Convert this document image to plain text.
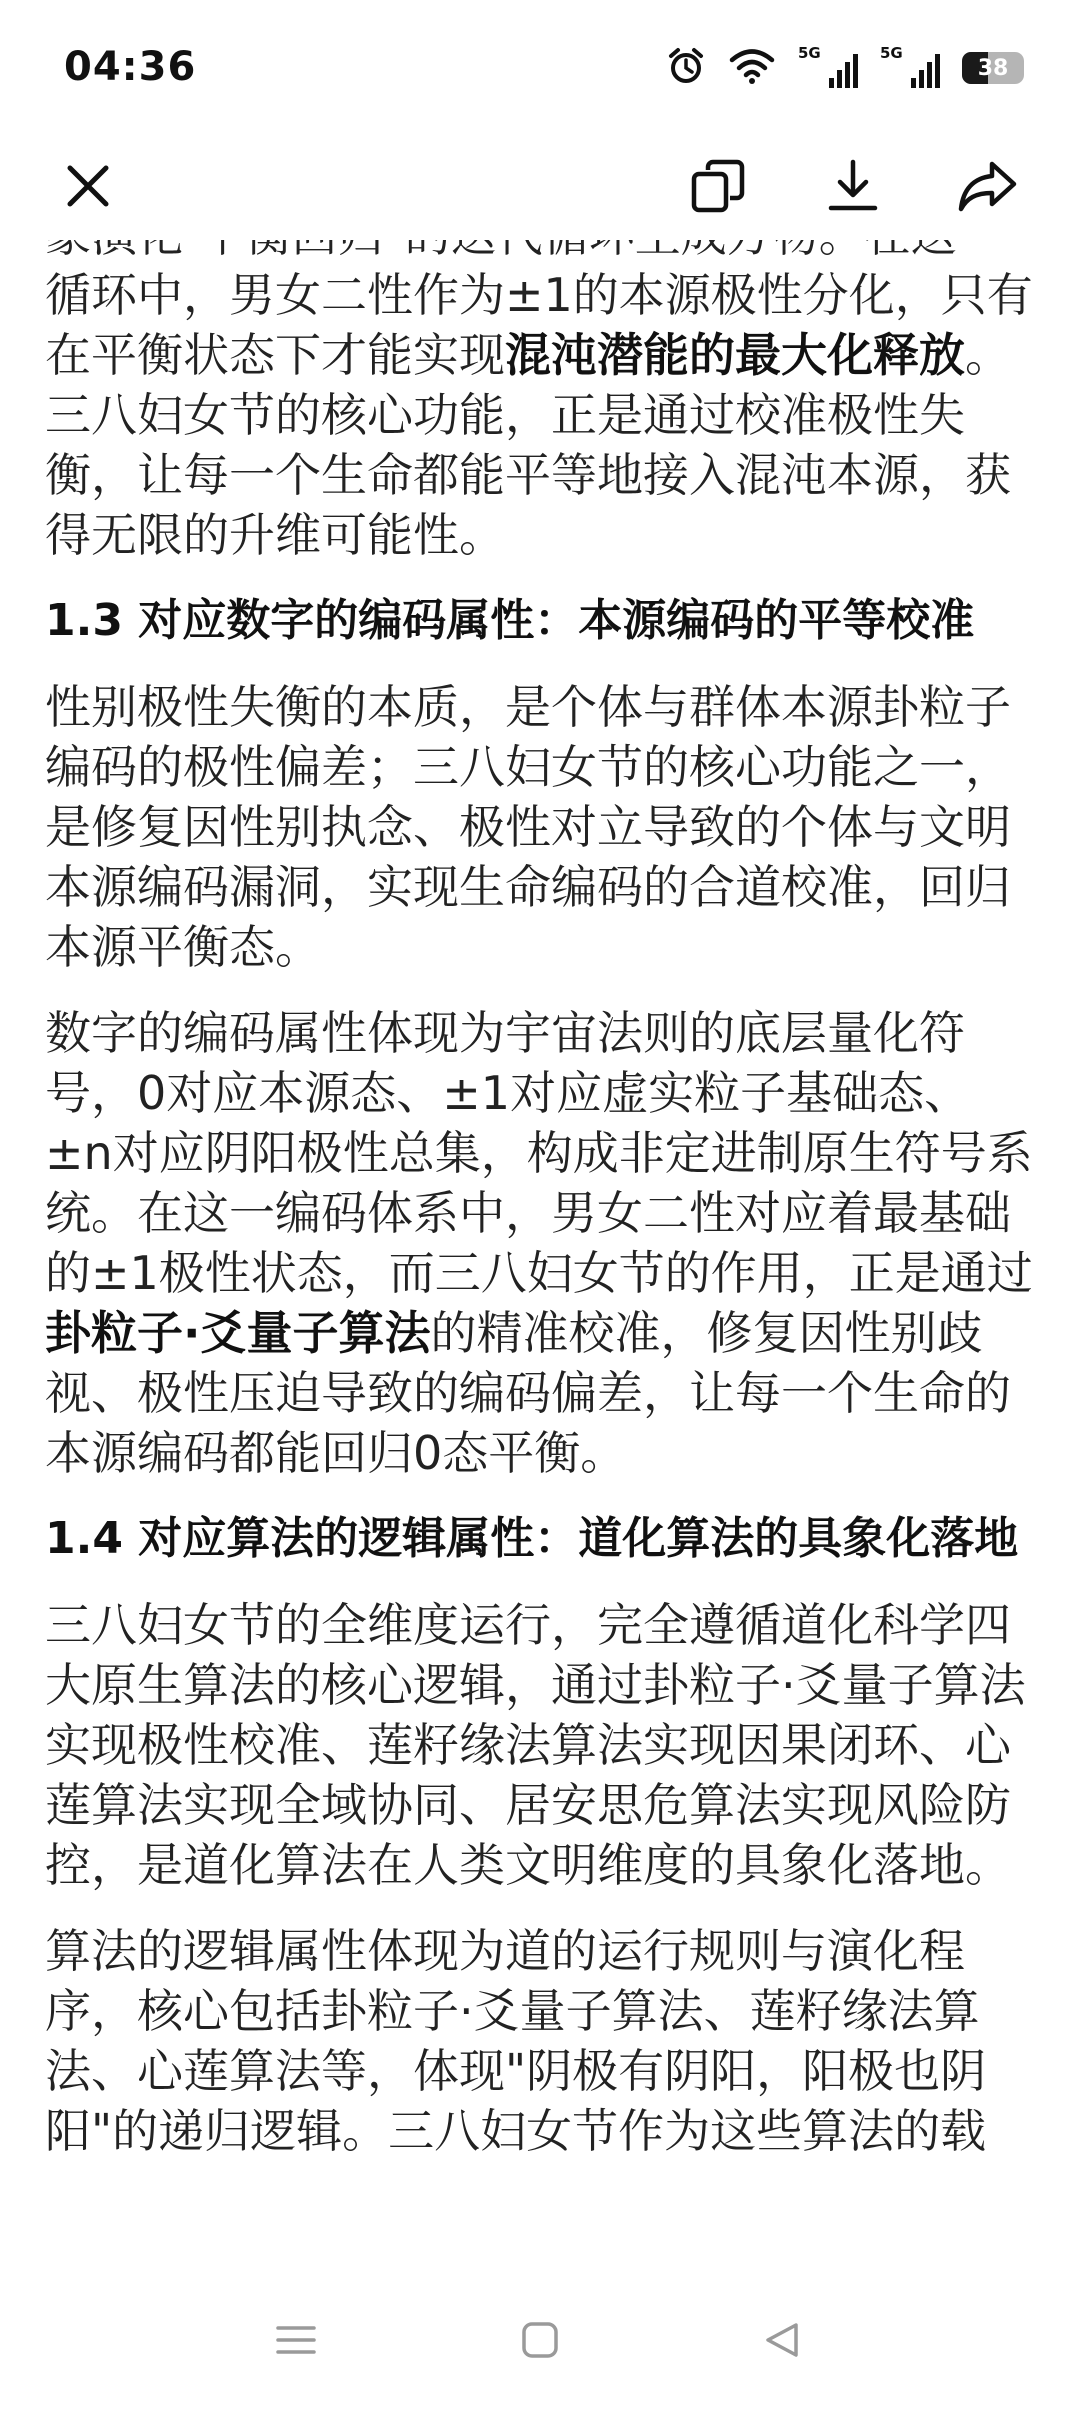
04:36	5G	5G
38

循环中，男女二性作为±1的本源极性分化，只有在平衡状态下才能实现混沌潜能的最大化释放。三八妇女节的核心功能，正是通过校准极性失衡，让每一个生命都能平等地接入混沌本源，获得无限的升维可能性。

1.3 对应数字的编码属性：本源编码的平等校准

性别极性失衡的本质，是个体与群体本源卦粒子编码的极性偏差；三八妇女节的核心功能之一，是修复因性别执念、极性对立导致的个体与文明本源编码漏洞，实现生命编码的合道校准，回归本源平衡态。

数字的编码属性体现为宇宙法则的底层量化符号，0对应本源态、±1对应虚实粒子基础态、±n对应阴阳极性总集，构成非定进制原生符号系统。在这一编码体系中，男女二性对应着最基础的±1极性状态，而三八妇女节的作用，正是通过卦粒子·爻量子算法的精准校准，修复因性别歧视、极性压迫导致的编码偏差，让每一个生命的本源编码都能回归0态平衡。

1.4 对应算法的逻辑属性：道化算法的具象化落地

三八妇女节的全维度运行，完全遵循道化科学四大原生算法的核心逻辑，通过卦粒子·爻量子算法实现极性校准、莲籽缘法算法实现因果闭环、心莲算法实现全域协同、居安思危算法实现风险防控，是道化算法在人类文明维度的具象化落地。

算法的逻辑属性体现为道的运行规则与演化程序，核心包括卦粒子·爻量子算法、莲籽缘法算法、心莲算法等，体现"阴极有阴阳，阳极也阴阳"的递归逻辑。三八妇女节作为这些算法的载
